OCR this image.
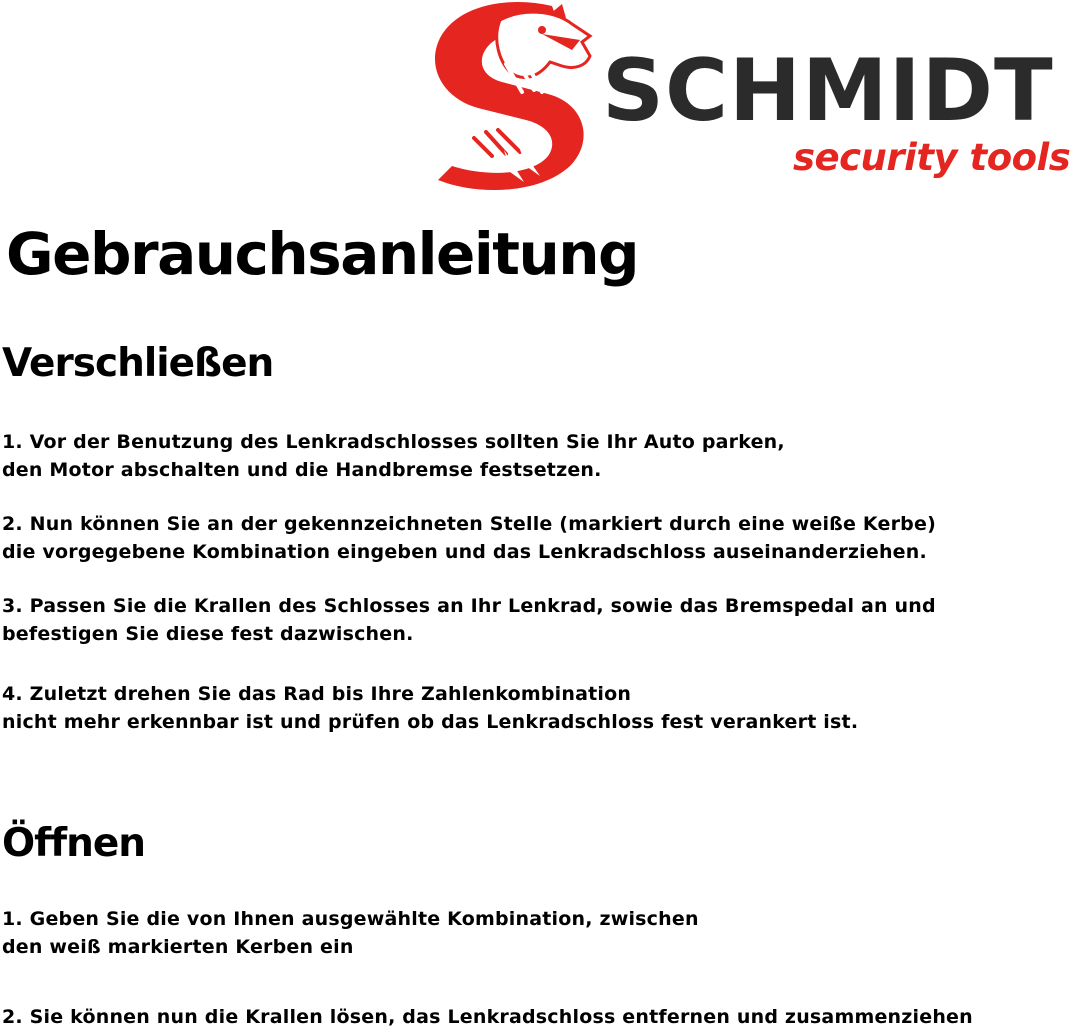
SCHMIDT
security tools
Gebrauchsanleitung
Verschließen

1. Vor der Benutzung des Lenkradschlosses sollten Sie Ihr Auto parken,
den Motor abschalten und die Handbremse festsetzen.

2. Nun können Sie an der gekennzeichneten Stelle (markiert durch eine weiße Kerbe)
die vorgegebene Kombination eingeben und das Lenkradschloss auseinanderziehen.

3. Passen Sie die Krallen des Schlosses an Ihr Lenkrad, sowie das Bremspedal an und
befestigen Sie diese fest dazwischen.

4. Zuletzt drehen Sie das Rad bis Ihre Zahlenkombination
nicht mehr erkennbar ist und prüfen ob das Lenkradschloss fest verankert ist.

Öffnen

1. Geben Sie die von Ihnen ausgewählte Kombination, zwischen
den weiß markierten Kerben ein

2. Sie können nun die Krallen lösen, das Lenkradschloss entfernen und zusammenziehen
